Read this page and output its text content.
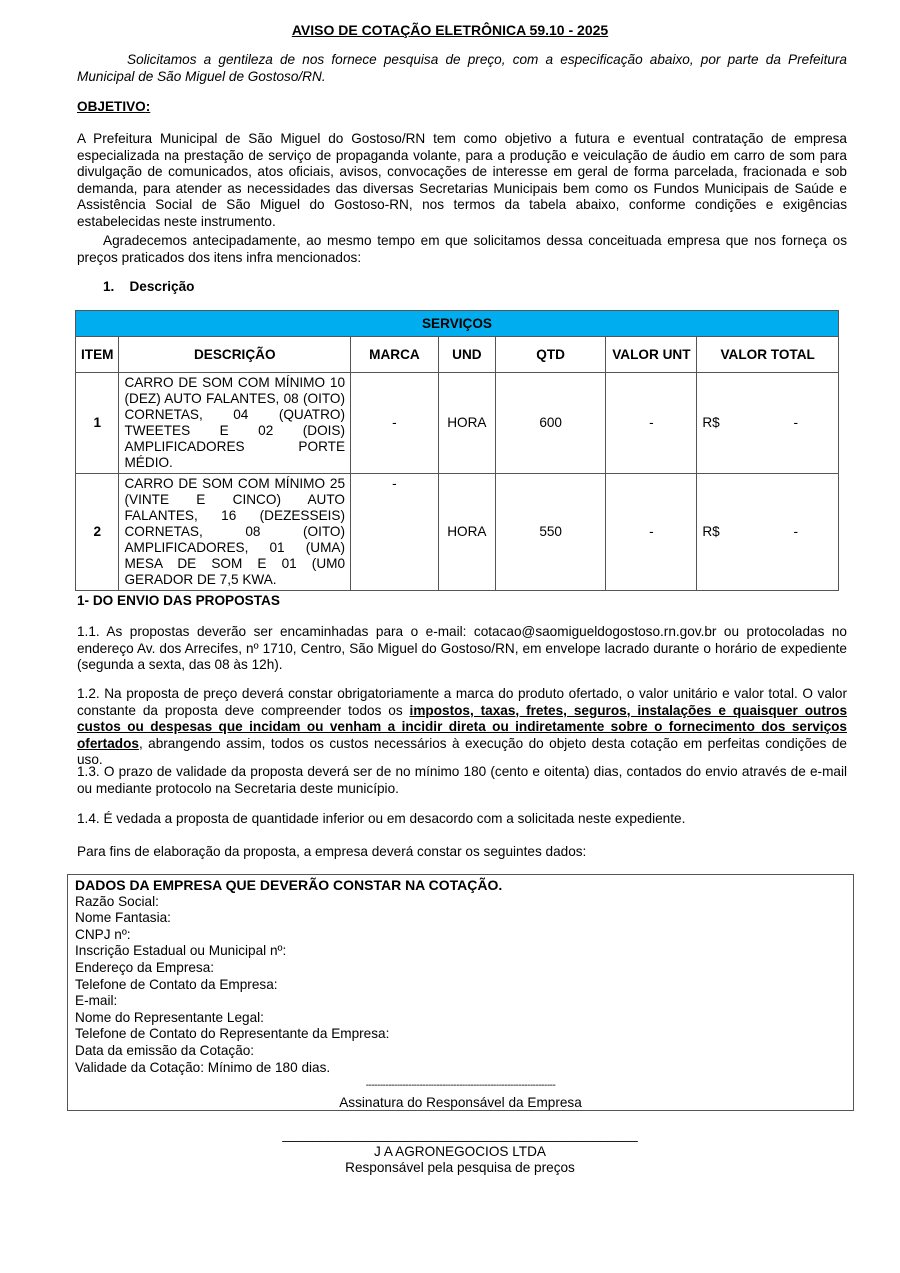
AVISO DE COTAÇÃO ELETRÔNICA 59.10 - 2025
Solicitamos a gentileza de nos fornece pesquisa de preço, com a especificação abaixo, por parte da Prefeitura Municipal de São Miguel de Gostoso/RN.
OBJETIVO:
A Prefeitura Municipal de São Miguel do Gostoso/RN tem como objetivo a futura e eventual contratação de empresa especializada na prestação de serviço de propaganda volante, para a produção e veiculação de áudio em carro de som para divulgação de comunicados, atos oficiais, avisos, convocações de interesse em geral de forma parcelada, fracionada e sob demanda, para atender as necessidades das diversas Secretarias Municipais bem como os Fundos Municipais de Saúde e Assistência Social de São Miguel do Gostoso-RN, nos termos da tabela abaixo, conforme condições e exigências estabelecidas neste instrumento.
Agradecemos antecipadamente, ao mesmo tempo em que solicitamos dessa conceituada empresa que nos forneça os preços praticados dos itens infra mencionados:
1.    Descrição
SERVIÇOS						
ITEM	DESCRIÇÃO	MARCA	UND	QTD	VALOR UNT	VALOR TOTAL
1	CARRO DE SOM COM MÍNIMO 10 (DEZ) AUTO FALANTES, 08 (OITO) CORNETAS, 04 (QUATRO) TWEETES E 02 (DOIS) AMPLIFICADORES PORTE MÉDIO.	-	HORA	600	-	R$ -

2	CARRO DE SOM COM MÍNIMO 25 (VINTE E CINCO) AUTO FALANTES, 16 (DEZESSEIS) CORNETAS, 08 (OITO) AMPLIFICADORES, 01 (UMA) MESA DE SOM E 01 (UM0 GERADOR DE 7,5 KWA.	-	HORA	550	-	R$ -
1- DO ENVIO DAS PROPOSTAS
1.1. As propostas deverão ser encaminhadas para o e-mail: cotacao@saomigueldogostoso.rn.gov.br ou protocoladas no endereço Av. dos Arrecifes, nº 1710, Centro, São Miguel do Gostoso/RN, em envelope lacrado durante o horário de expediente (segunda a sexta, das 08 às 12h).
1.2. Na proposta de preço deverá constar obrigatoriamente a marca do produto ofertado, o valor unitário e valor total. O valor constante da proposta deve compreender todos os impostos, taxas, fretes, seguros, instalações e quaisquer outros custos ou despesas que incidam ou venham a incidir direta ou indiretamente sobre o fornecimento dos serviços ofertados, abrangendo assim, todos os custos necessários à execução do objeto desta cotação em perfeitas condições de uso.
1.3. O prazo de validade da proposta deverá ser de no mínimo 180 (cento e oitenta) dias, contados do envio através de e-mail ou mediante protocolo na Secretaria deste município.
1.4. É vedada a proposta de quantidade inferior ou em desacordo com a solicitada neste expediente.
Para fins de elaboração da proposta, a empresa deverá constar os seguintes dados:
DADOS DA EMPRESA QUE DEVERÃO CONSTAR NA COTAÇÃO.
Razão Social:
Nome Fantasia:
CNPJ nº:
Inscrição Estadual ou Municipal nº:
Endereço da Empresa:
Telefone de Contato da Empresa:
E-mail:
Nome do Representante Legal:
Telefone de Contato do Representante da Empresa:
Data da emissão da Cotação:
Validade da Cotação: Mínimo de 180 dias.
-------------------------------------------------------------------
Assinatura do Responsável da Empresa
_______________________________________________
J A AGRONEGOCIOS LTDA
Responsável pela pesquisa de preços
